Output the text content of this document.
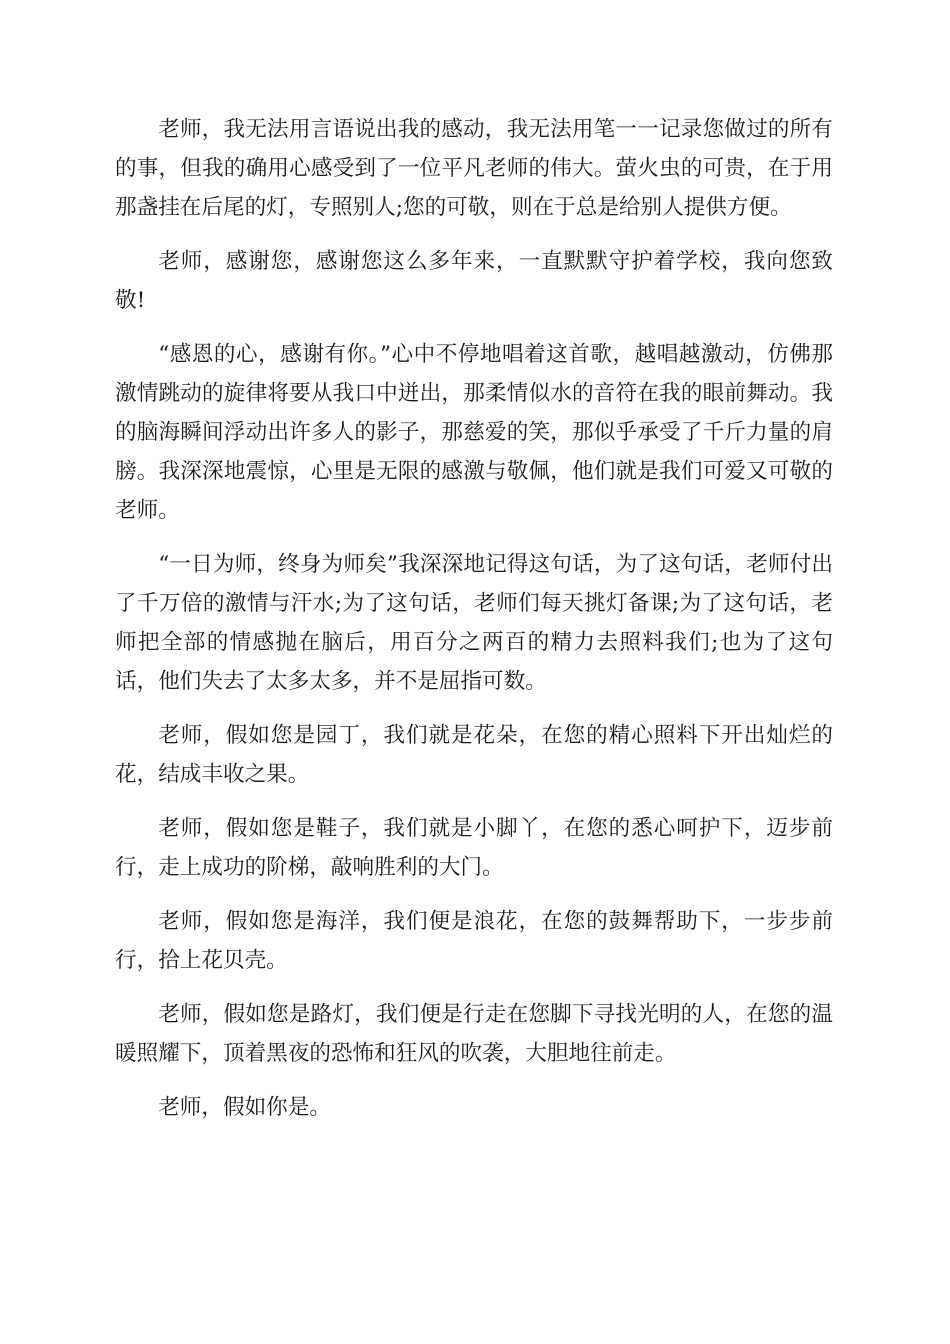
老师，我无法用言语说出我的感动，我无法用笔一一记录您做过的所有的事，但我的确用心感受到了一位平凡老师的伟大。萤火虫的可贵，在于用那盏挂在后尾的灯，专照别人;您的可敬，则在于总是给别人提供方便。

老师，感谢您，感谢您这么多年来，一直默默守护着学校，我向您致敬!

“感恩的心，感谢有你。”心中不停地唱着这首歌，越唱越激动，仿佛那激情跳动的旋律将要从我口中迸出，那柔情似水的音符在我的眼前舞动。我的脑海瞬间浮动出许多人的影子，那慈爱的笑，那似乎承受了千斤力量的肩膀。我深深地震惊，心里是无限的感激与敬佩，他们就是我们可爱又可敬的老师。

“一日为师，终身为师矣”我深深地记得这句话，为了这句话，老师付出了千万倍的激情与汗水;为了这句话，老师们每天挑灯备课;为了这句话，老师把全部的情感抛在脑后，用百分之两百的精力去照料我们;也为了这句话，他们失去了太多太多，并不是屈指可数。

老师，假如您是园丁，我们就是花朵，在您的精心照料下开出灿烂的花，结成丰收之果。

老师，假如您是鞋子，我们就是小脚丫，在您的悉心呵护下，迈步前行，走上成功的阶梯，敲响胜利的大门。

老师，假如您是海洋，我们便是浪花，在您的鼓舞帮助下，一步步前行，拾上花贝壳。

老师，假如您是路灯，我们便是行走在您脚下寻找光明的人，在您的温暖照耀下，顶着黑夜的恐怖和狂风的吹袭，大胆地往前走。

老师，假如你是。
